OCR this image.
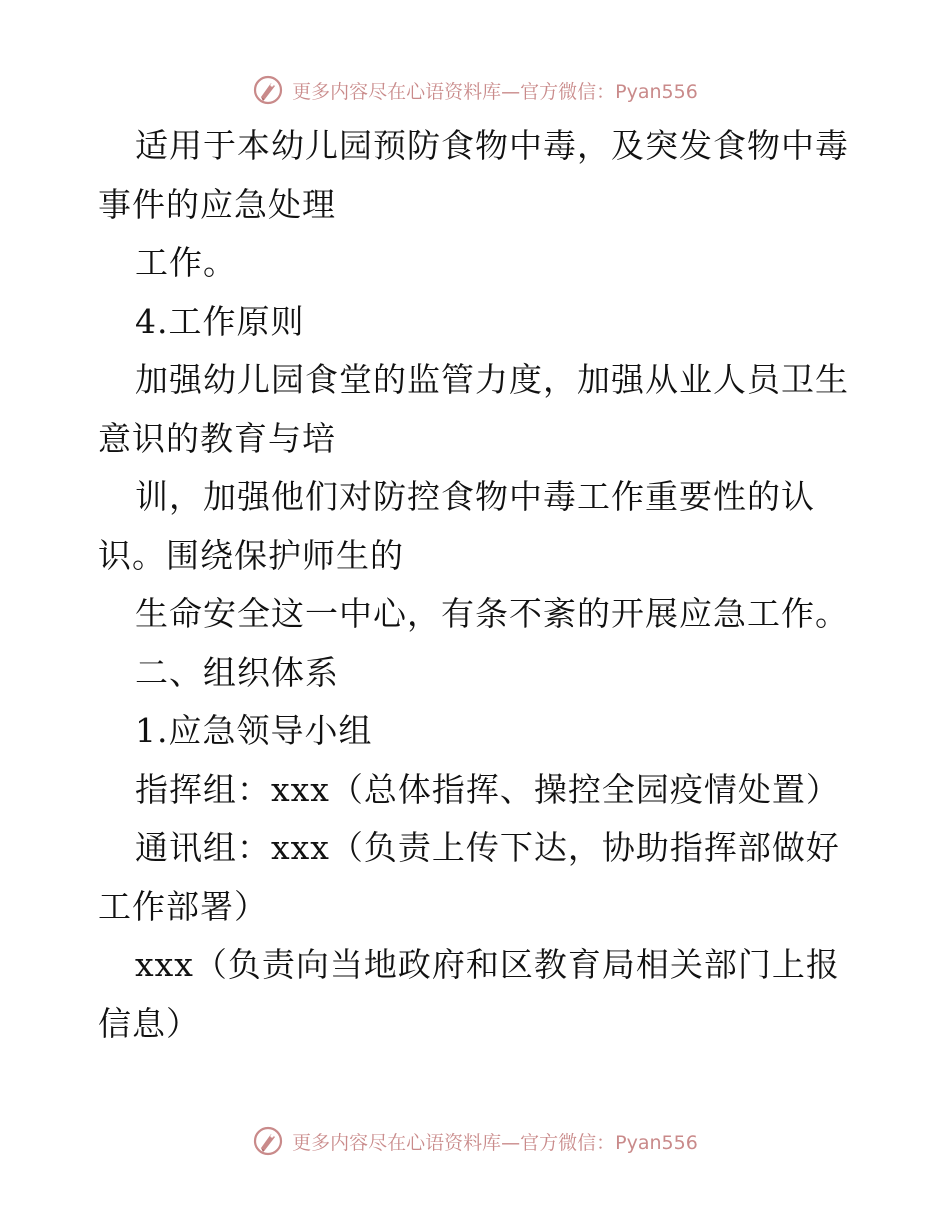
更多内容尽在心语资料库—官方微信：Pyan556
适用于本幼儿园预防食物中毒，及突发食物中毒
事件的应急处理
工作。
4.工作原则
加强幼儿园食堂的监管力度，加强从业人员卫生
意识的教育与培
训，加强他们对防控食物中毒工作重要性的认
识。围绕保护师生的
生命安全这一中心，有条不紊的开展应急工作。
二、组织体系
1.应急领导小组
指挥组：xxx（总体指挥、操控全园疫情处置）
通讯组：xxx（负责上传下达，协助指挥部做好
工作部署）
xxx（负责向当地政府和区教育局相关部门上报
信息）
更多内容尽在心语资料库—官方微信：Pyan556
